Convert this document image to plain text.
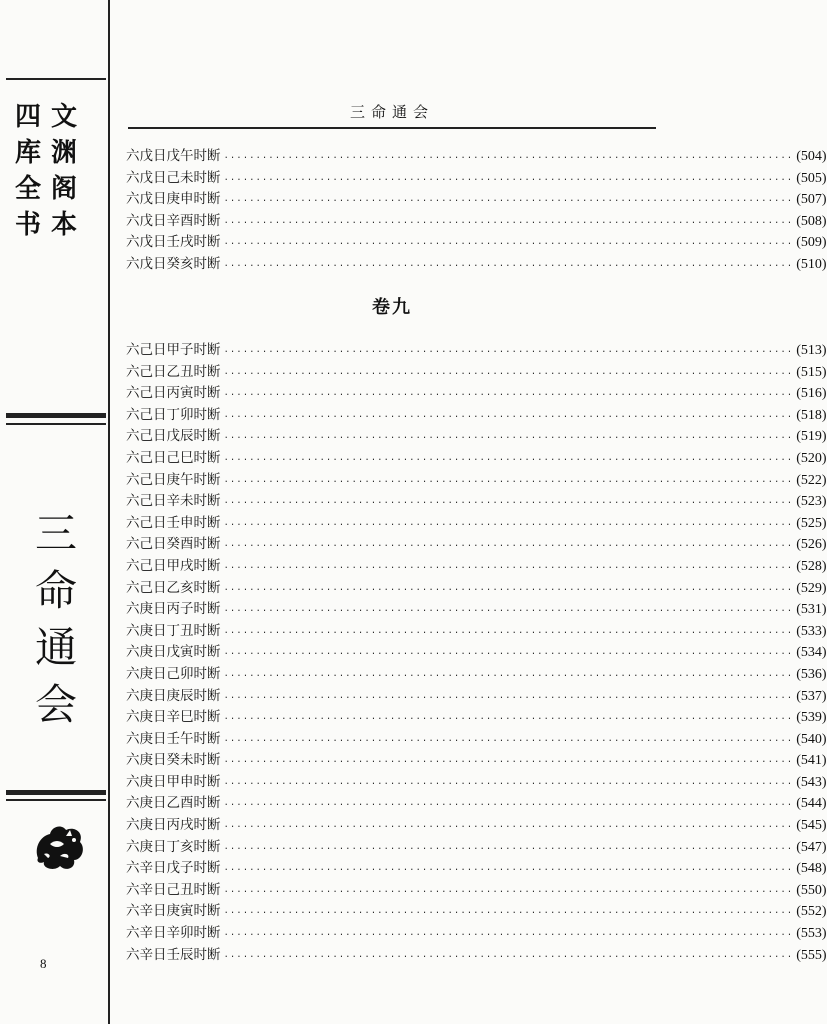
四
库
全
书
文
渊
阁
本
三
命
通
会
8
三命通会
六戊日戊午时断 ························································································· (504)
六戊日己未时断 ························································································· (505)
六戊日庚申时断 ························································································· (507)
六戊日辛酉时断 ························································································· (508)
六戊日壬戌时断 ························································································· (509)
六戊日癸亥时断 ························································································· (510)
卷九
六己日甲子时断 ························································································· (513)
六己日乙丑时断 ························································································· (515)
六己日丙寅时断 ························································································· (516)
六己日丁卯时断 ························································································· (518)
六己日戊辰时断 ························································································· (519)
六己日己巳时断 ························································································· (520)
六己日庚午时断 ························································································· (522)
六己日辛未时断 ························································································· (523)
六己日壬申时断 ························································································· (525)
六己日癸酉时断 ························································································· (526)
六己日甲戌时断 ························································································· (528)
六己日乙亥时断 ························································································· (529)
六庚日丙子时断 ························································································· (531)
六庚日丁丑时断 ························································································· (533)
六庚日戊寅时断 ························································································· (534)
六庚日己卯时断 ························································································· (536)
六庚日庚辰时断 ························································································· (537)
六庚日辛巳时断 ························································································· (539)
六庚日壬午时断 ························································································· (540)
六庚日癸未时断 ························································································· (541)
六庚日甲申时断 ························································································· (543)
六庚日乙酉时断 ························································································· (544)
六庚日丙戌时断 ························································································· (545)
六庚日丁亥时断 ························································································· (547)
六辛日戊子时断 ························································································· (548)
六辛日己丑时断 ························································································· (550)
六辛日庚寅时断 ························································································· (552)
六辛日辛卯时断 ························································································· (553)
六辛日壬辰时断 ························································································· (555)
